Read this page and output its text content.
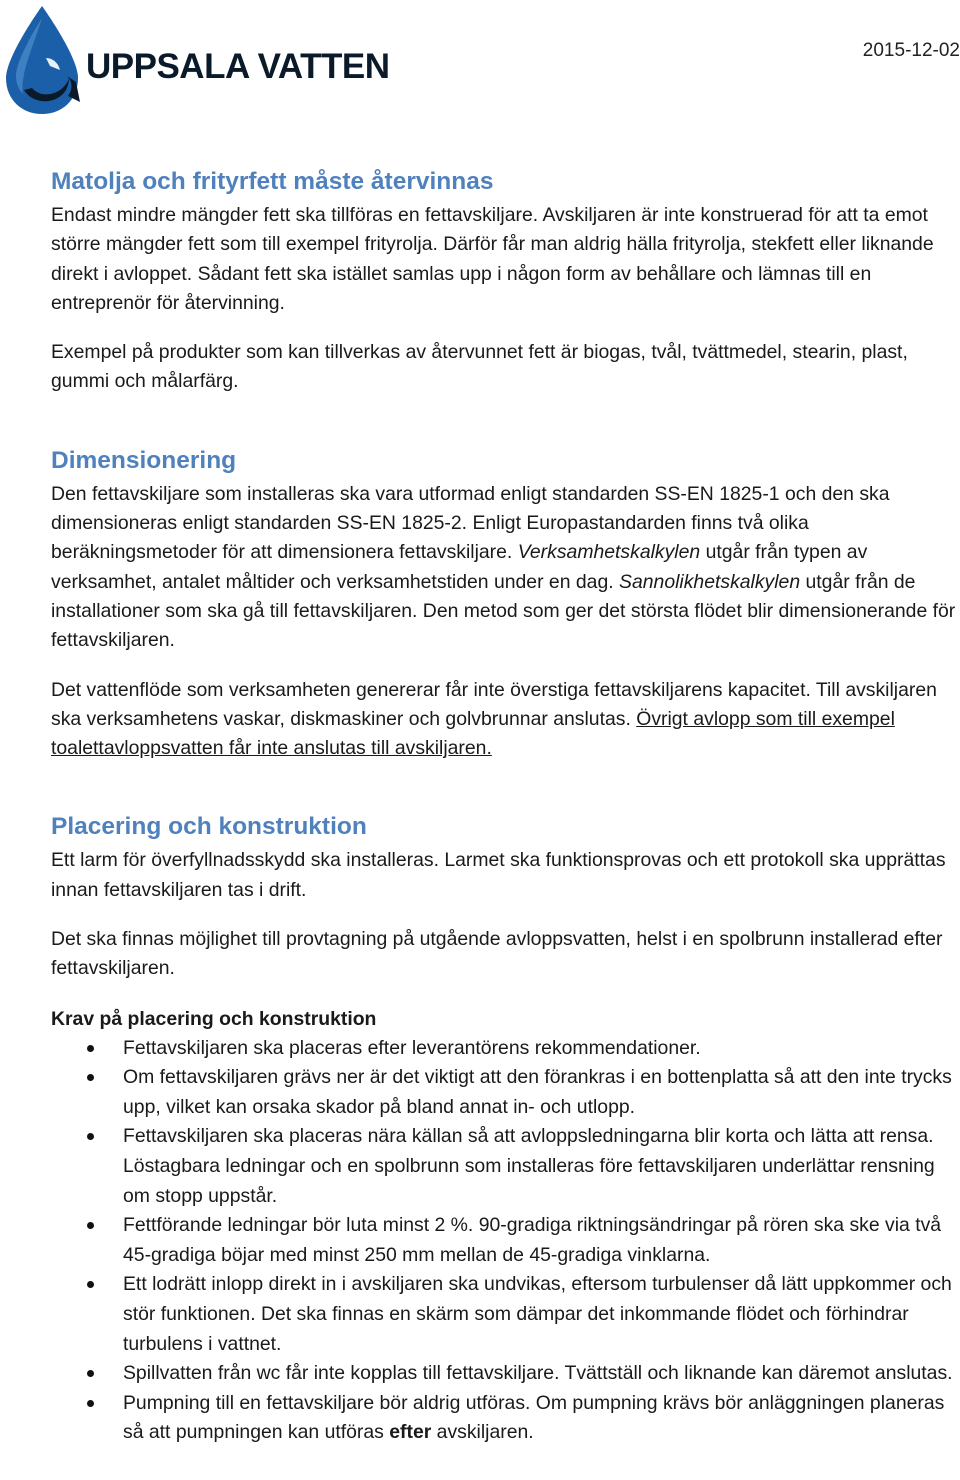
UPPSALA VATTEN	2015-12-02
Matolja och frityrfett måste återvinnas

Endast mindre mängder fett ska tillföras en fettavskiljare. Avskiljaren är inte konstruerad för att ta emot större mängder fett som till exempel frityrolja. Därför får man aldrig hälla frityrolja, stekfett eller liknande direkt i avloppet. Sådant fett ska istället samlas upp i någon form av behållare och lämnas till en entreprenör för återvinning.

Exempel på produkter som kan tillverkas av återvunnet fett är biogas, tvål, tvättmedel, stearin, plast, gummi och målarfärg.

Dimensionering

Den fettavskiljare som installeras ska vara utformad enligt standarden SS-EN 1825-1 och den ska dimensioneras enligt standarden SS-EN 1825-2. Enligt Europastandarden finns två olika beräkningsmetoder för att dimensionera fettavskiljare. Verksamhetskalkylen utgår från typen av verksamhet, antalet måltider och verksamhetstiden under en dag. Sannolikhetskalkylen utgår från de installationer som ska gå till fettavskiljaren. Den metod som ger det största flödet blir dimensionerande för fettavskiljaren.

Det vattenflöde som verksamheten genererar får inte överstiga fettavskiljarens kapacitet. Till avskiljaren ska verksamhetens vaskar, diskmaskiner och golvbrunnar anslutas. Övrigt avlopp som till exempel toalettavloppsvatten får inte anslutas till avskiljaren.

Placering och konstruktion

Ett larm för överfyllnadsskydd ska installeras. Larmet ska funktionsprovas och ett protokoll ska upprättas innan fettavskiljaren tas i drift.

Det ska finnas möjlighet till provtagning på utgående avloppsvatten, helst i en spolbrunn installerad efter fettavskiljaren.

Krav på placering och konstruktion

Fettavskiljaren ska placeras efter leverantörens rekommendationer.
Om fettavskiljaren grävs ner är det viktigt att den förankras i en bottenplatta så att den inte trycks upp, vilket kan orsaka skador på bland annat in- och utlopp.
Fettavskiljaren ska placeras nära källan så att avloppsledningarna blir korta och lätta att rensa. Löstagbara ledningar och en spolbrunn som installeras före fettavskiljaren underlättar rensning om stopp uppstår.
Fettförande ledningar bör luta minst 2 %. 90-gradiga riktningsändringar på rören ska ske via två 45-gradiga böjar med minst 250 mm mellan de 45-gradiga vinklarna.
Ett lodrätt inlopp direkt in i avskiljaren ska undvikas, eftersom turbulenser då lätt uppkommer och stör funktionen. Det ska finnas en skärm som dämpar det inkommande flödet och förhindrar turbulens i vattnet.
Spillvatten från wc får inte kopplas till fettavskiljare. Tvättställ och liknande kan däremot anslutas.
Pumpning till en fettavskiljare bör aldrig utföras. Om pumpning krävs bör anläggningen planeras så att pumpningen kan utföras efter avskiljaren.
